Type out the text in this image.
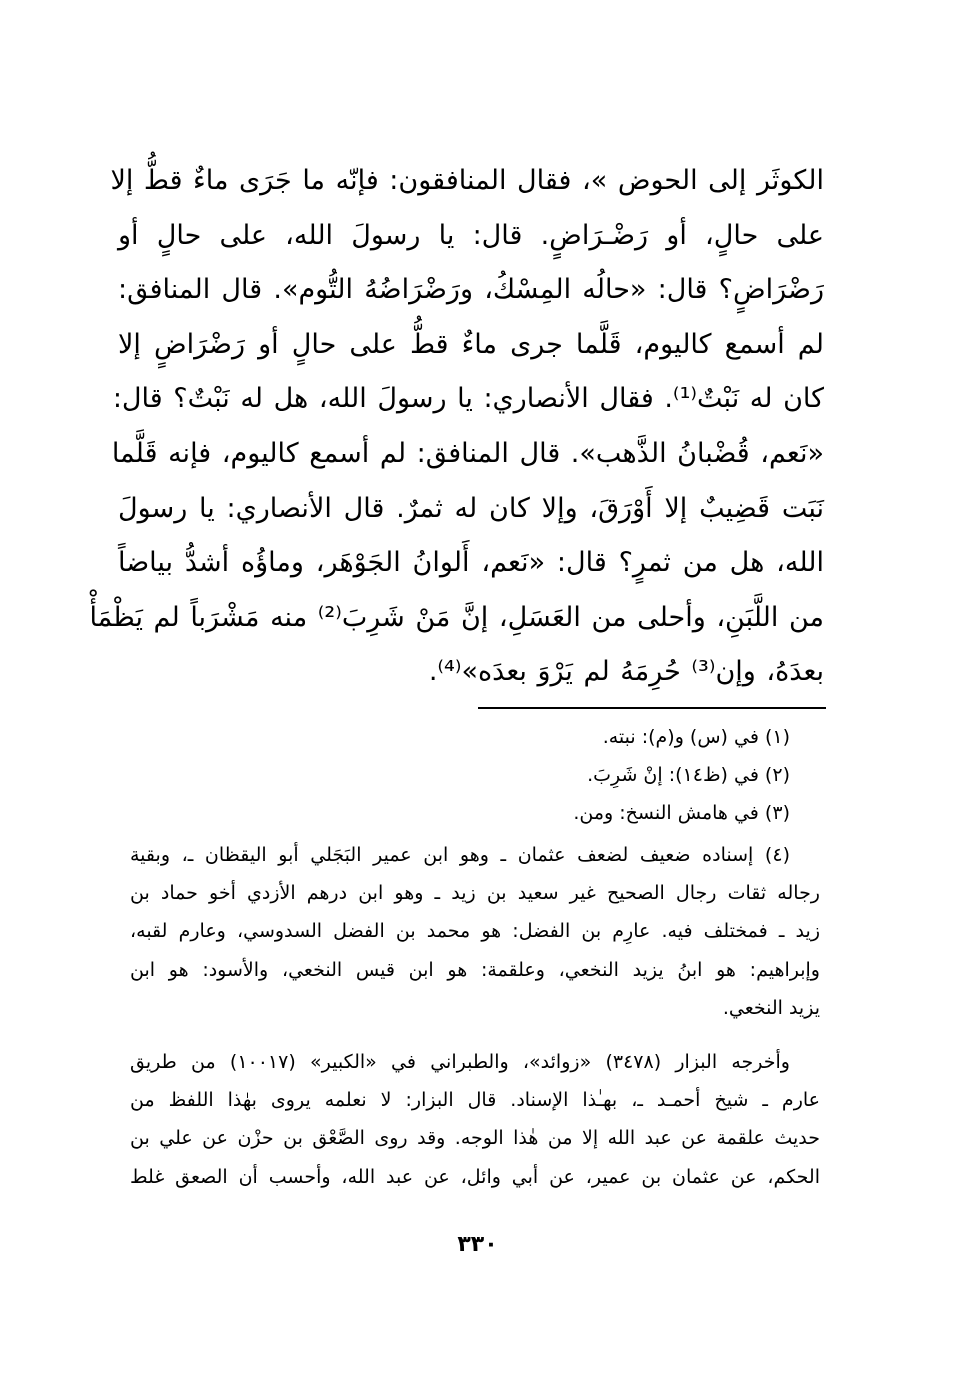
الكوثَر إلى الحوض »، فقال المنافقون: فإنّه ما جَرَى ماءٌ قطُّ إلا
على حالٍ، أو رَضْـرَاضٍ. قال: يا رسولَ الله، على حالٍ أو
رَضْرَاضٍ؟ قال: «حالُه المِسْكُ، ورَضْرَاضُهُ التُّوم». قال المنافق:
لم أسمع كاليوم، قَلَّما جرى ماءٌ قطُّ على حالٍ أو رَضْرَاضٍ إلا
كان له نَبْتٌ⁽¹⁾. فقال الأنصاري: يا رسولَ الله، هل له نَبْتٌ؟ قال:
«نَعم، قُضْبانُ الذَّهب». قال المنافق: لم أسمع كاليوم، فإنه قَلَّما
نَبَت قَضِيبٌ إلا أَوْرَقَ، وإلا كان له ثمرٌ. قال الأنصاري: يا رسولَ
الله، هل من ثمرٍ؟ قال: «نَعم، أَلوانُ الجَوْهَر، وماؤُه أشدُّ بياضاً
من اللَّبَنِ، وأحلى من العَسَلِ، إنَّ مَنْ شَرِبَ⁽²⁾ منه مَشْرَباً لم يَظْمَأْ
بعدَهُ، وإن⁽³⁾ حُرِمَهُ لم يَرْوَ بعدَه»⁽⁴⁾.
(١) في (س) و(م): نبته.
(٢) في (ظ١٤): إنْ شَرِبَ.
(٣) في هامش النسخ: ومن.
(٤) إسناده ضعيف لضعف عثمان ـ وهو ابن عمير البَجَلي أبو اليقظان ـ، وبقية
رجاله ثقات رجال الصحيح غير سعيد بن زيد ـ وهو ابن درهم الأزدي أخو حماد بن
زيد ـ فمختلف فيه. عارِم بن الفضل: هو محمد بن الفضل السدوسي، وعارم لقبه،
وإبراهيم: هو ابنُ يزيد النخعي، وعلقمة: هو ابن قيس النخعي، والأسود: هو ابن
يزيد النخعي.
وأخرجه البزار (٣٤٧٨) «زوائد»، والطبراني في «الكبير» (١٠٠١٧) من طريق
عارم ـ شيخ أحمـد ـ، بهـٰذا الإسناد. قال البزار: لا نعلمه يروى بهٰذا اللفظ من
حديث علقمة عن عبد الله إلا من هٰذا الوجه. وقد روى الصَّعْق بن حزْن عن علي بن
الحكم، عن عثمان بن عمير، عن أبي وائل، عن عبد الله، وأحسب أن الصعق غلط
٣٣٠
